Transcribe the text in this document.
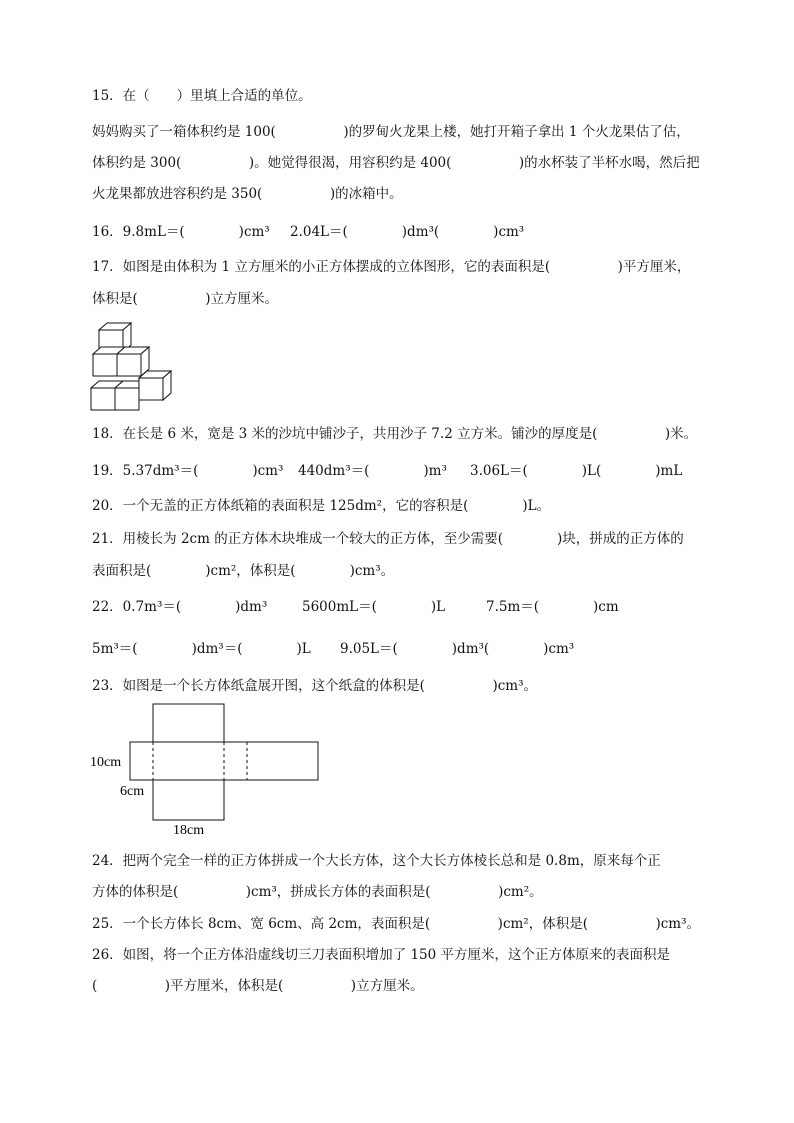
15．在（　　）里填上合适的单位。
妈妈购买了一箱体积约是 100(　　　　　)的罗甸火龙果上楼，她打开箱子拿出 1 个火龙果估了估，
体积约是 300(　　　　　)。她觉得很渴，用容积约是 400(　　　　　)的水杯装了半杯水喝，然后把
火龙果都放进容积约是 350(　　　　　)的冰箱中。
16．9.8mL＝(　　　　)cm³ 2.04L＝(　　　　)dm³(　　　　)cm³
17．如图是由体积为 1 立方厘米的小正方体摆成的立体图形，它的表面积是(　　　　　)平方厘米，
体积是(　　　　　)立方厘米。
18．在长是 6 米，宽是 3 米的沙坑中铺沙子，共用沙子 7.2 立方米。铺沙的厚度是(　　　　　)米。
19．5.37dm³＝(　　　　)cm³ 440dm³＝(　　　　)m³ 3.06L＝(　　　　)L(　　　　)mL
20．一个无盖的正方体纸箱的表面积是 125dm²，它的容积是(　　　　)L。
21．用棱长为 2cm 的正方体木块堆成一个较大的正方体，至少需要(　　　　)块，拼成的正方体的
表面积是(　　　　)cm²，体积是(　　　　)cm³。
22．0.7m³＝(　　　　)dm³	5600mL＝(　　　　)L	7.5m＝(　　　　)cm
5m³＝(　　　　)dm³＝(　　　　)L 9.05L＝(　　　　)dm³(　　　　)cm³
23．如图是一个长方体纸盒展开图，这个纸盒的体积是(　　　　　)cm³。
10cm
6cm
18cm
24．把两个完全一样的正方体拼成一个大长方体，这个大长方体棱长总和是 0.8m，原来每个正
方体的体积是(　　　　　)cm³，拼成长方体的表面积是(　　　　　)cm²。
25．一个长方体长 8cm、宽 6cm、高 2cm，表面积是(　　　　　)cm²，体积是(　　　　　)cm³。
26．如图，将一个正方体沿虚线切三刀表面积增加了 150 平方厘米，这个正方体原来的表面积是
(　　　　　)平方厘米，体积是(　　　　　)立方厘米。
